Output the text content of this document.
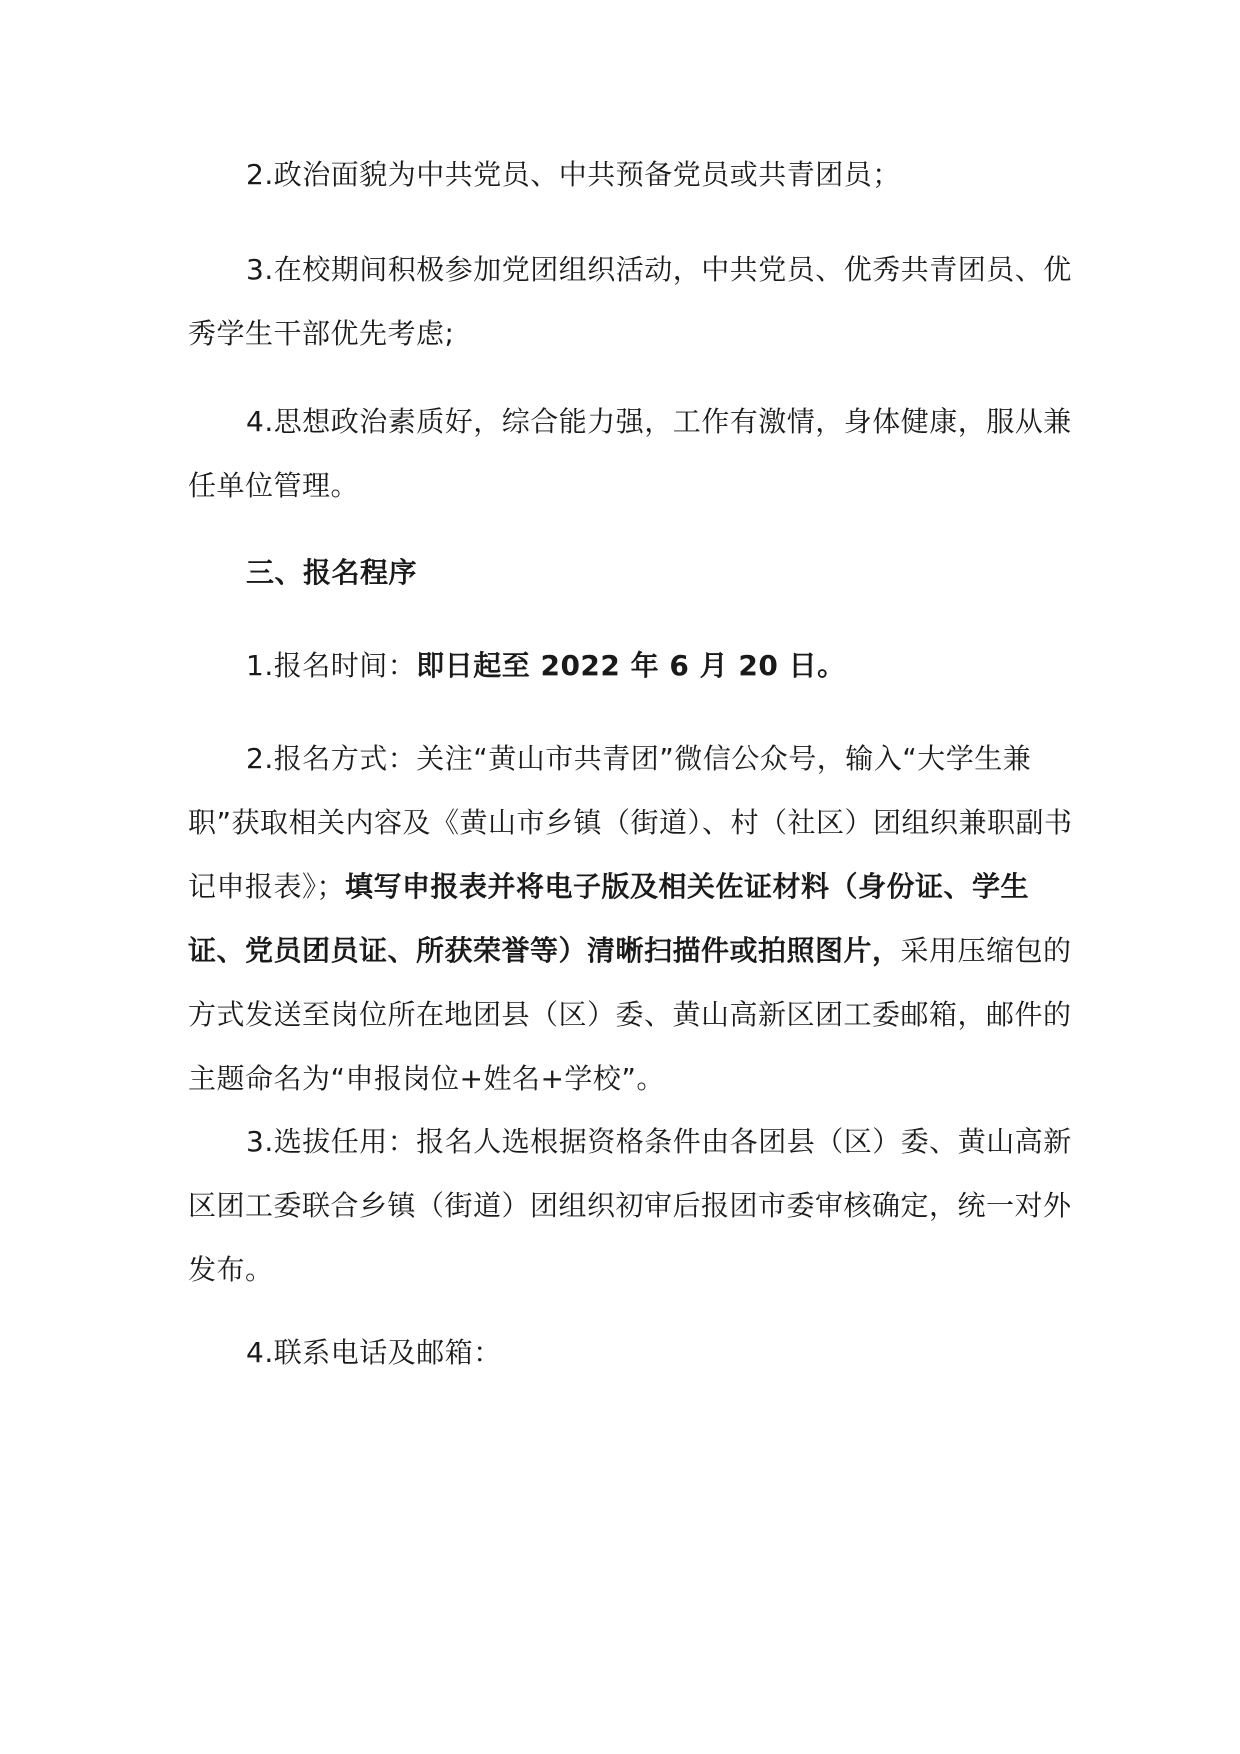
2.政治面貌为中共党员、中共预备党员或共青团员；

3.在校期间积极参加党团组织活动，中共党员、优秀共青团员、优秀学生干部优先考虑;

4.思想政治素质好，综合能力强，工作有激情，身体健康，服从兼任单位管理。

三、报名程序

1.报名时间：即日起至 2022 年 6 月 20 日。

2.报名方式：关注“黄山市共青团”微信公众号，输入“大学生兼职”获取相关内容及《黄山市乡镇（街道）、村（社区）团组织兼职副书记申报表》；填写申报表并将电子版及相关佐证材料（身份证、学生证、党员团员证、所获荣誉等）清晰扫描件或拍照图片，采用压缩包的方式发送至岗位所在地团县（区）委、黄山高新区团工委邮箱，邮件的主题命名为“申报岗位+姓名+学校”。

3.选拔任用：报名人选根据资格条件由各团县（区）委、黄山高新区团工委联合乡镇（街道）团组织初审后报团市委审核确定，统一对外发布。

4.联系电话及邮箱：
